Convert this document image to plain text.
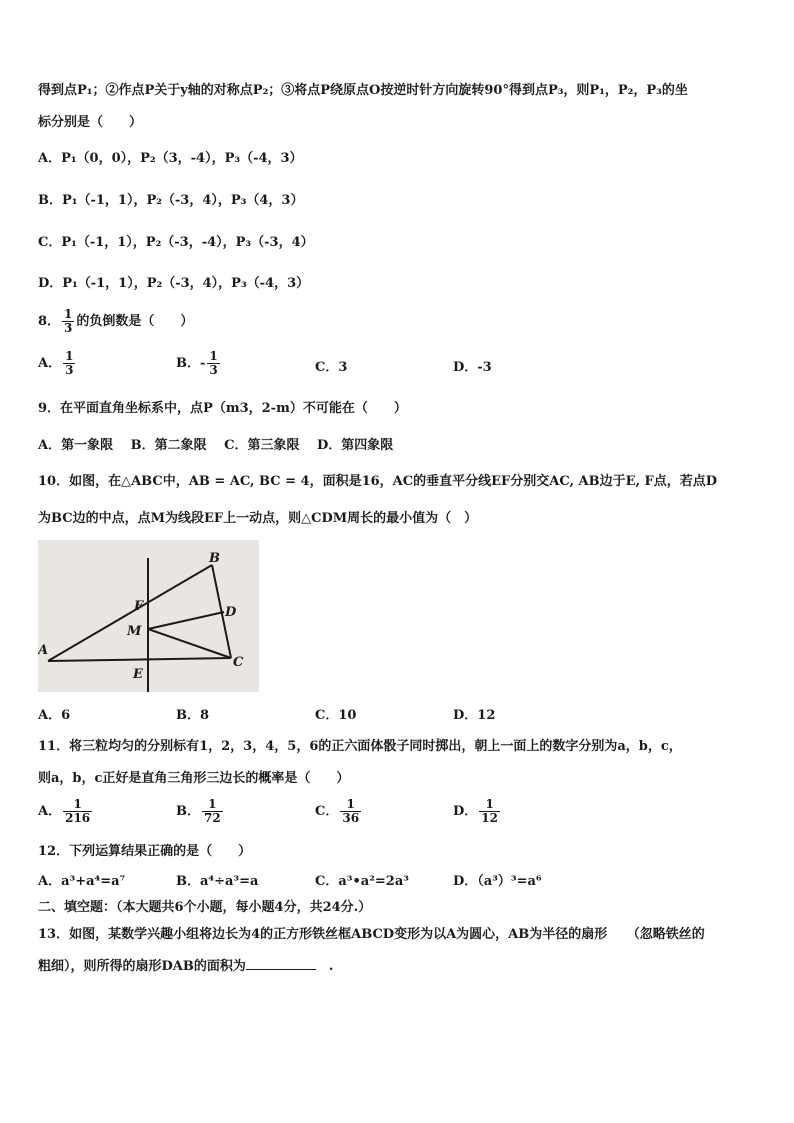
得到点P₁；②作点P关于y轴的对称点P₂；③将点P绕原点O按逆时针方向旋转90°得到点P₃，则P₁，P₂，P₃的坐
标分别是（　　）
A．P₁（0，0），P₂（3，-4），P₃（-4，3）
B．P₁（-1，1），P₂（-3，4），P₃（4，3）
C．P₁（-1，1），P₂（-3，-4），P₃（-3，4）
D．P₁（-1，1），P₂（-3，4），P₃（-4，3）
8． $\frac{1}{3}$ 的负倒数是（　　）
A． $\frac{1}{3}$	B．- $\frac{1}{3}$	C．3	D．-3
9．在平面直角坐标系中，点P（m3，2-m）不可能在（　　）
A．第一象限　 B．第二象限　 C．第三象限　 D．第四象限
10．如图，在△ABC中，AB = AC, BC = 4，面积是16，AC的垂直平分线EF分别交AC, AB边于E, F点，若点D
为BC边的中点，点M为线段EF上一动点，则△CDM周长的最小值为（　）
A
B
C
D
E
F
M
A．6	B．8	C．10	D．12
11．将三粒均匀的分别标有1，2，3，4，5，6的正六面体骰子同时掷出，朝上一面上的数字分别为a，b，c，
则a，b，c正好是直角三角形三边长的概率是（　　）
A． $\frac{1}{216}$	B． $\frac{1}{72}$	C． $\frac{1}{36}$	D． $\frac{1}{12}$
12．下列运算结果正确的是（　　）
A．a³+a⁴=a⁷	B．a⁴÷a³=a	C．a³•a²=2a³	D．（a³）³=a⁶
二、填空题：（本大题共6个小题，每小题4分，共24分.）
13．如图，某数学兴趣小组将边长为4的正方形铁丝框ABCD变形为以A为圆心，AB为半径的扇形　　（忽略铁丝的
粗细），则所得的扇形DAB的面积为	　.
